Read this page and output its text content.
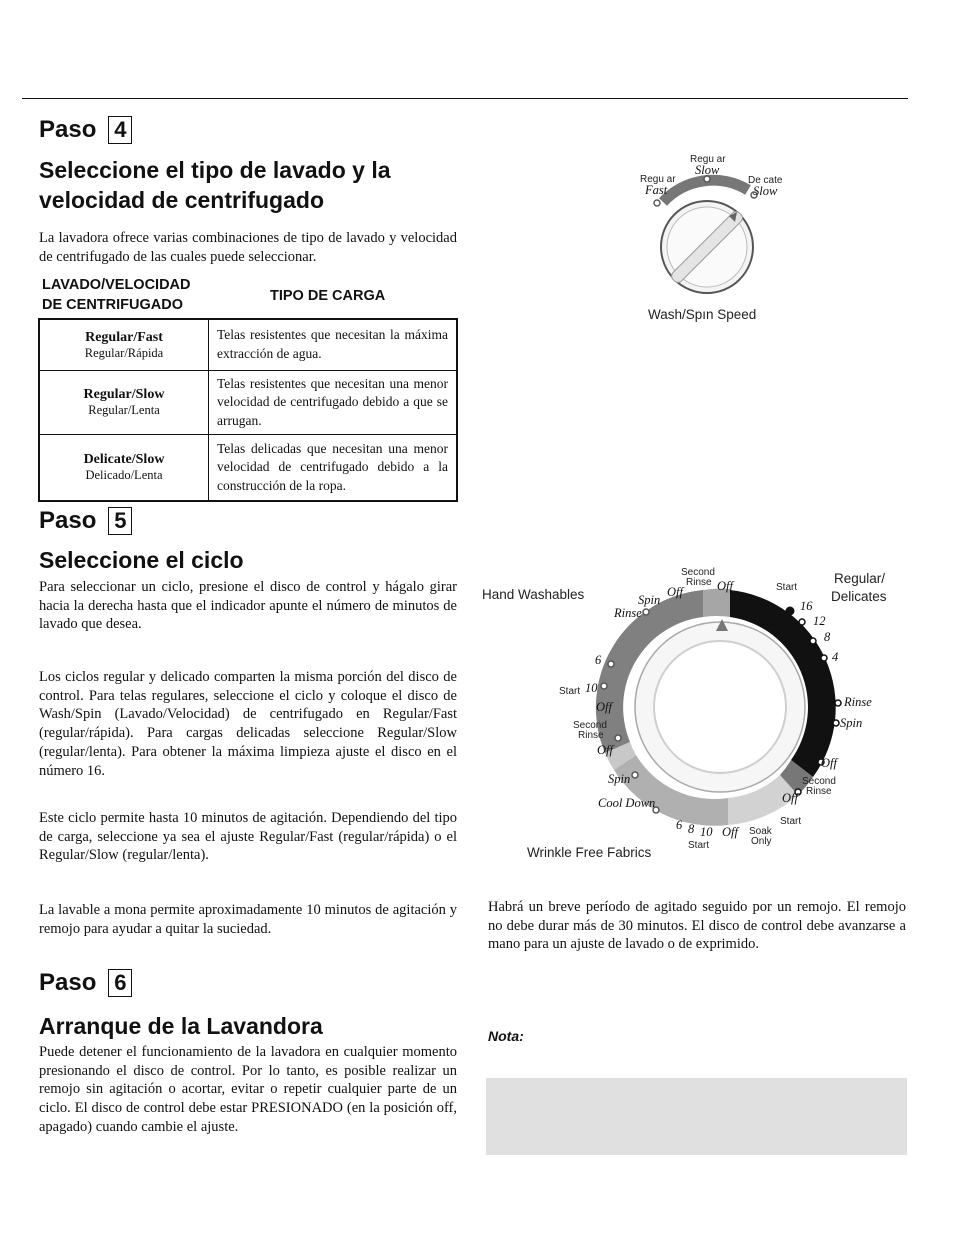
Paso 4
Seleccione el tipo de lavado y la
velocidad de centrifugado

La lavadora ofrece varias combinaciones de tipo de lavado y velocidad de centrifugado de las cuales puede seleccionar.

LAVADO/VELOCIDAD
DE CENTRIFUGADO
TIPO DE CARGA
Regular/Fast
Regular/Rápida	Telas resistentes que necesitan la máxima extracción de agua.

Regular/Slow
Regular/Lenta	Telas resistentes que necesitan una menor velocidad de centrifugado debido a que se arrugan.

Delicate/Slow
Delicado/Lenta	Telas delicadas que necesitan una menor velocidad de centrifugado debido a la construcción de la ropa.
Paso 5
Seleccione el ciclo

Para seleccionar un ciclo, presione el disco de control y hágalo girar hacia la derecha hasta que el indicador apunte el número de minutos de lavado que desea.

Los ciclos regular y delicado comparten la misma porción del disco de control. Para telas regulares, seleccione el ciclo y coloque el disco de Wash/Spin (Lavado/Velocidad) de centrifugado en Regular/Fast (regular/rápida). Para cargas delicadas seleccione Regular/Slow (regular/lenta). Para obtener la máxima limpieza ajuste el disco en el número 16.

Este ciclo permite hasta 10 minutos de agitación. Dependiendo del tipo de carga, seleccione ya sea el ajuste Regular/Fast (regular/rápida) o el Regular/Slow (regular/lenta).

La lavable a mona permite aproximadamente 10 minutos de agitación y remojo para ayudar a quitar la suciedad.

Paso 6
Arranque de la Lavandora

Puede detener el funcionamiento de la lavadora en cualquier momento presionando el disco de control. Por lo tanto, es posible realizar un remojo sin agitación o acortar, evitar o repetir cualquier parte de un ciclo. El disco de control debe estar PRESIONADO (en la posición off, apagado) cuando cambie el ajuste.

Habrá un breve período de agitado seguido por un remojo. El remojo no debe durar más de 30 minutos. El disco de control debe avanzarse a mano para un ajuste de lavado o de exprimido.

Nota:
Regu ar
Fast
Regu ar
Slow
De cate
Slow
Wash/Spın Speed
Hand Washables
Regular/
Delicates
Wrinkle Free Fabrics
Second
Rinse
Off	Off
Spin
Rinse
Start
16
12
8
4
Rinse
Spin
Off
Second
Rinse
Off
Start
6 8 10 Off
Start
Soak
Only
6
Start 10
Off
Second
Rinse
Off
Spin
Cool Down
